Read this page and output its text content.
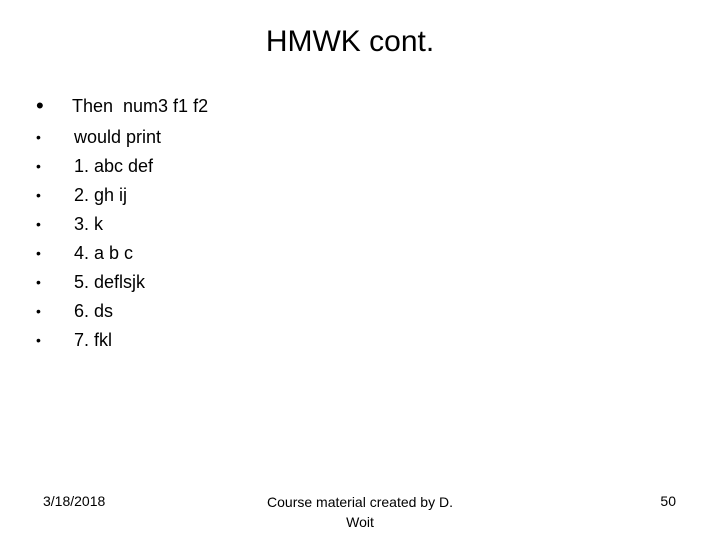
HMWK cont.
•	Then  num3 f1 f2
•	would print
•	1. abc def
•	2. gh ij
•	3. k
•	4. a b c
•	5. deflsjk
•	6. ds
•	7. fkl
3/18/2018	Course material created by D.
Woit
50
